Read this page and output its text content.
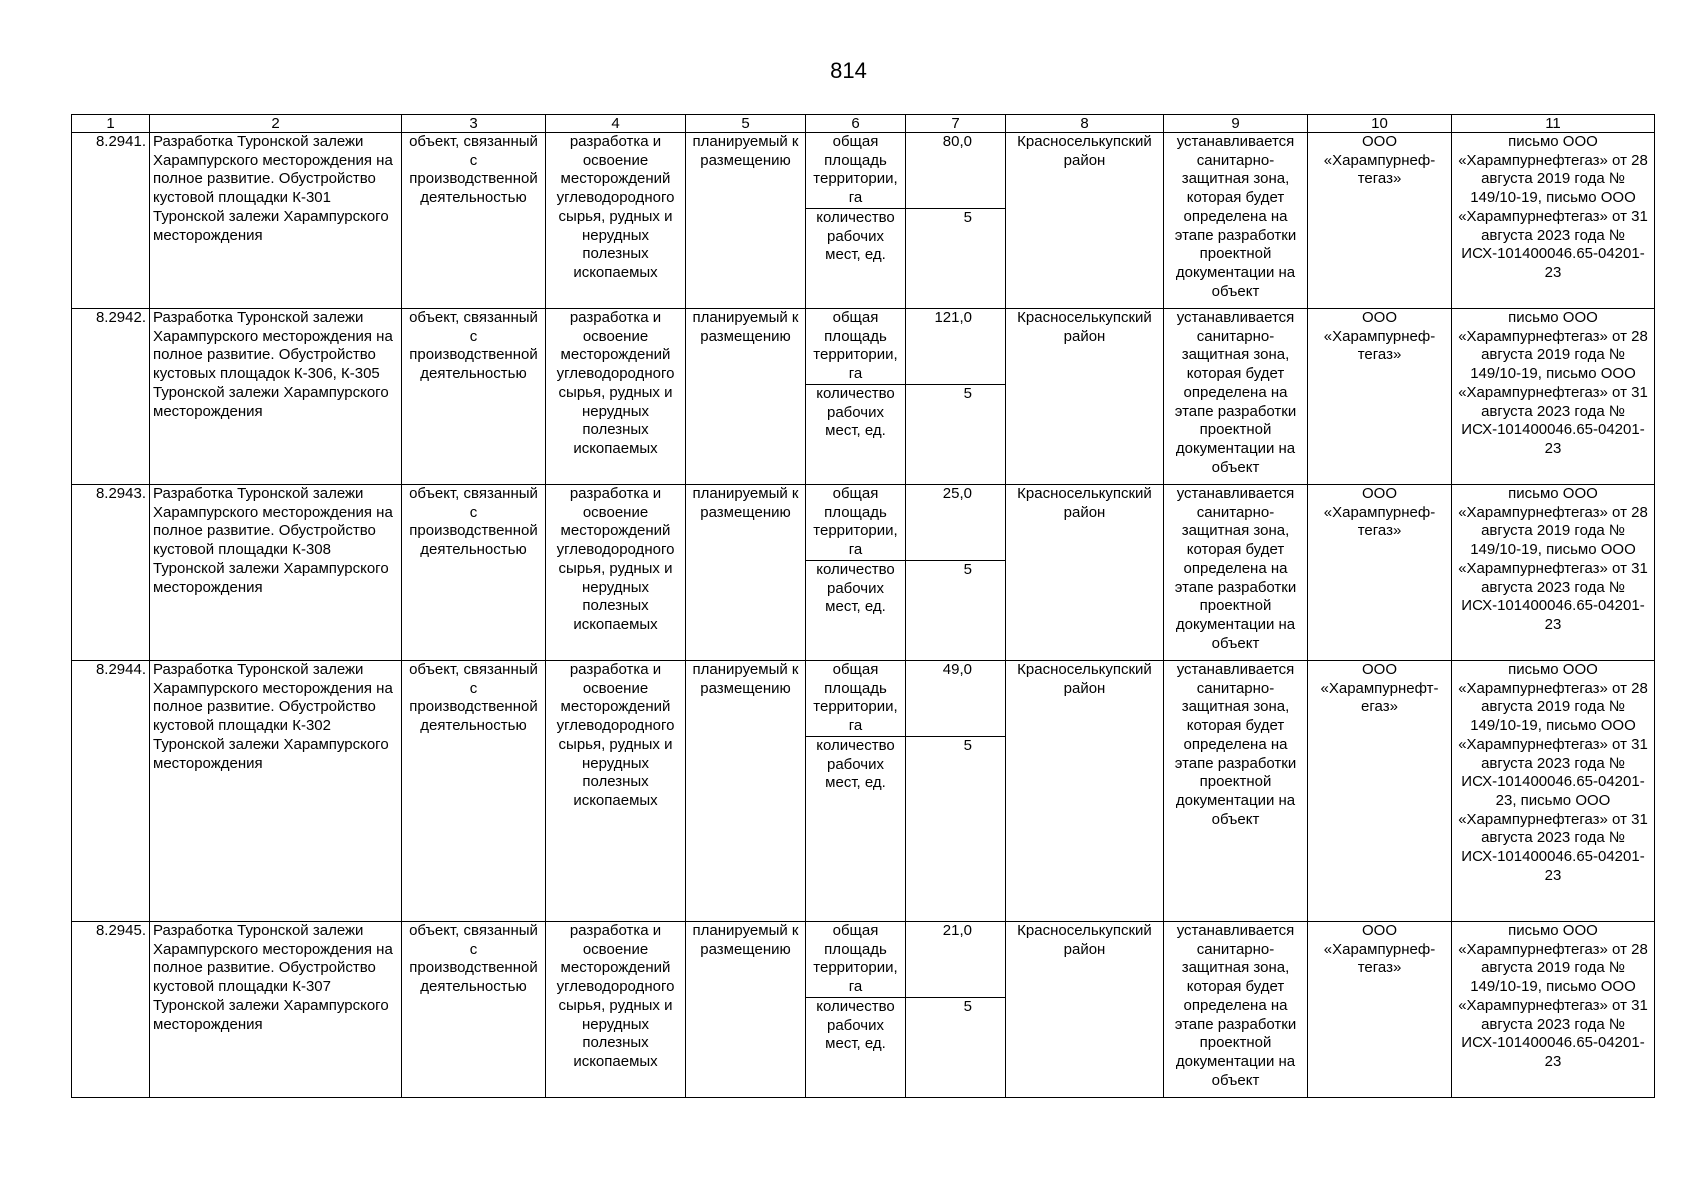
814
1	2	3	4	5	6	7	8	9	10	11
8.2941.	Разработка Туронской залежи Харампурского месторождения на полное развитие. Обустройство кустовой площадки К-301 Туронской залежи Харампурского месторождения	объект, связанный с производственной деятельностью	разработка и освоение месторождений углеводородного сырья, рудных и нерудных полезных ископаемых	планируемый к размещению	общая площадь территории, га	80,0	Красноселькупский район	устанавливается санитарно-защитная зона, которая будет определена на этапе разработки проектной документации на объект	ООО «Харампурнеф-тегаз»	письмо ООО «Харампурнефтегаз» от 28 августа 2019 года № 149/10-19, письмо ООО «Харампурнефтегаз» от 31 августа 2023 года № ИСХ-101400046.65-04201-23
					количество рабочих мест, ед.	5				
8.2942.	Разработка Туронской залежи Харампурского месторождения на полное развитие. Обустройство кустовых площадок К-306, К-305 Туронской залежи Харампурского месторождения	объект, связанный с производственной деятельностью	разработка и освоение месторождений углеводородного сырья, рудных и нерудных полезных ископаемых	планируемый к размещению	общая площадь территории, га	121,0	Красноселькупский район	устанавливается санитарно-защитная зона, которая будет определена на этапе разработки проектной документации на объект	ООО «Харампурнеф-тегаз»	письмо ООО «Харампурнефтегаз» от 28 августа 2019 года № 149/10-19, письмо ООО «Харампурнефтегаз» от 31 августа 2023 года № ИСХ-101400046.65-04201-23
					количество рабочих мест, ед.	5				
8.2943.	Разработка Туронской залежи Харампурского месторождения на полное развитие. Обустройство кустовой площадки К-308 Туронской залежи Харампурского месторождения	объект, связанный с производственной деятельностью	разработка и освоение месторождений углеводородного сырья, рудных и нерудных полезных ископаемых	планируемый к размещению	общая площадь территории, га	25,0	Красноселькупский район	устанавливается санитарно-защитная зона, которая будет определена на этапе разработки проектной документации на объект	ООО «Харампурнеф-тегаз»	письмо ООО «Харампурнефтегаз» от 28 августа 2019 года № 149/10-19, письмо ООО «Харампурнефтегаз» от 31 августа 2023 года № ИСХ-101400046.65-04201-23
					количество рабочих мест, ед.	5				
8.2944.	Разработка Туронской залежи Харампурского месторождения на полное развитие. Обустройство кустовой площадки К-302 Туронской залежи Харампурского месторождения	объект, связанный с производственной деятельностью	разработка и освоение месторождений углеводородного сырья, рудных и нерудных полезных ископаемых	планируемый к размещению	общая площадь территории, га	49,0	Красноселькупский район	устанавливается санитарно-защитная зона, которая будет определена на этапе разработки проектной документации на объект	ООО «Харампурнефт-егаз»	письмо ООО «Харампурнефтегаз» от 28 августа 2019 года № 149/10-19, письмо ООО «Харампурнефтегаз» от 31 августа 2023 года № ИСХ-101400046.65-04201-23, письмо ООО «Харампурнефтегаз» от 31 августа 2023 года № ИСХ-101400046.65-04201-23
					количество рабочих мест, ед.	5				
8.2945.	Разработка Туронской залежи Харампурского месторождения на полное развитие. Обустройство кустовой площадки К-307 Туронской залежи Харампурского месторождения	объект, связанный с производственной деятельностью	разработка и освоение месторождений углеводородного сырья, рудных и нерудных полезных ископаемых	планируемый к размещению	общая площадь территории, га	21,0	Красноселькупский район	устанавливается санитарно-защитная зона, которая будет определена на этапе разработки проектной документации на объект	ООО «Харампурнеф-тегаз»	письмо ООО «Харампурнефтегаз» от 28 августа 2019 года № 149/10-19, письмо ООО «Харампурнефтегаз» от 31 августа 2023 года № ИСХ-101400046.65-04201-23
					количество рабочих мест, ед.	5				
